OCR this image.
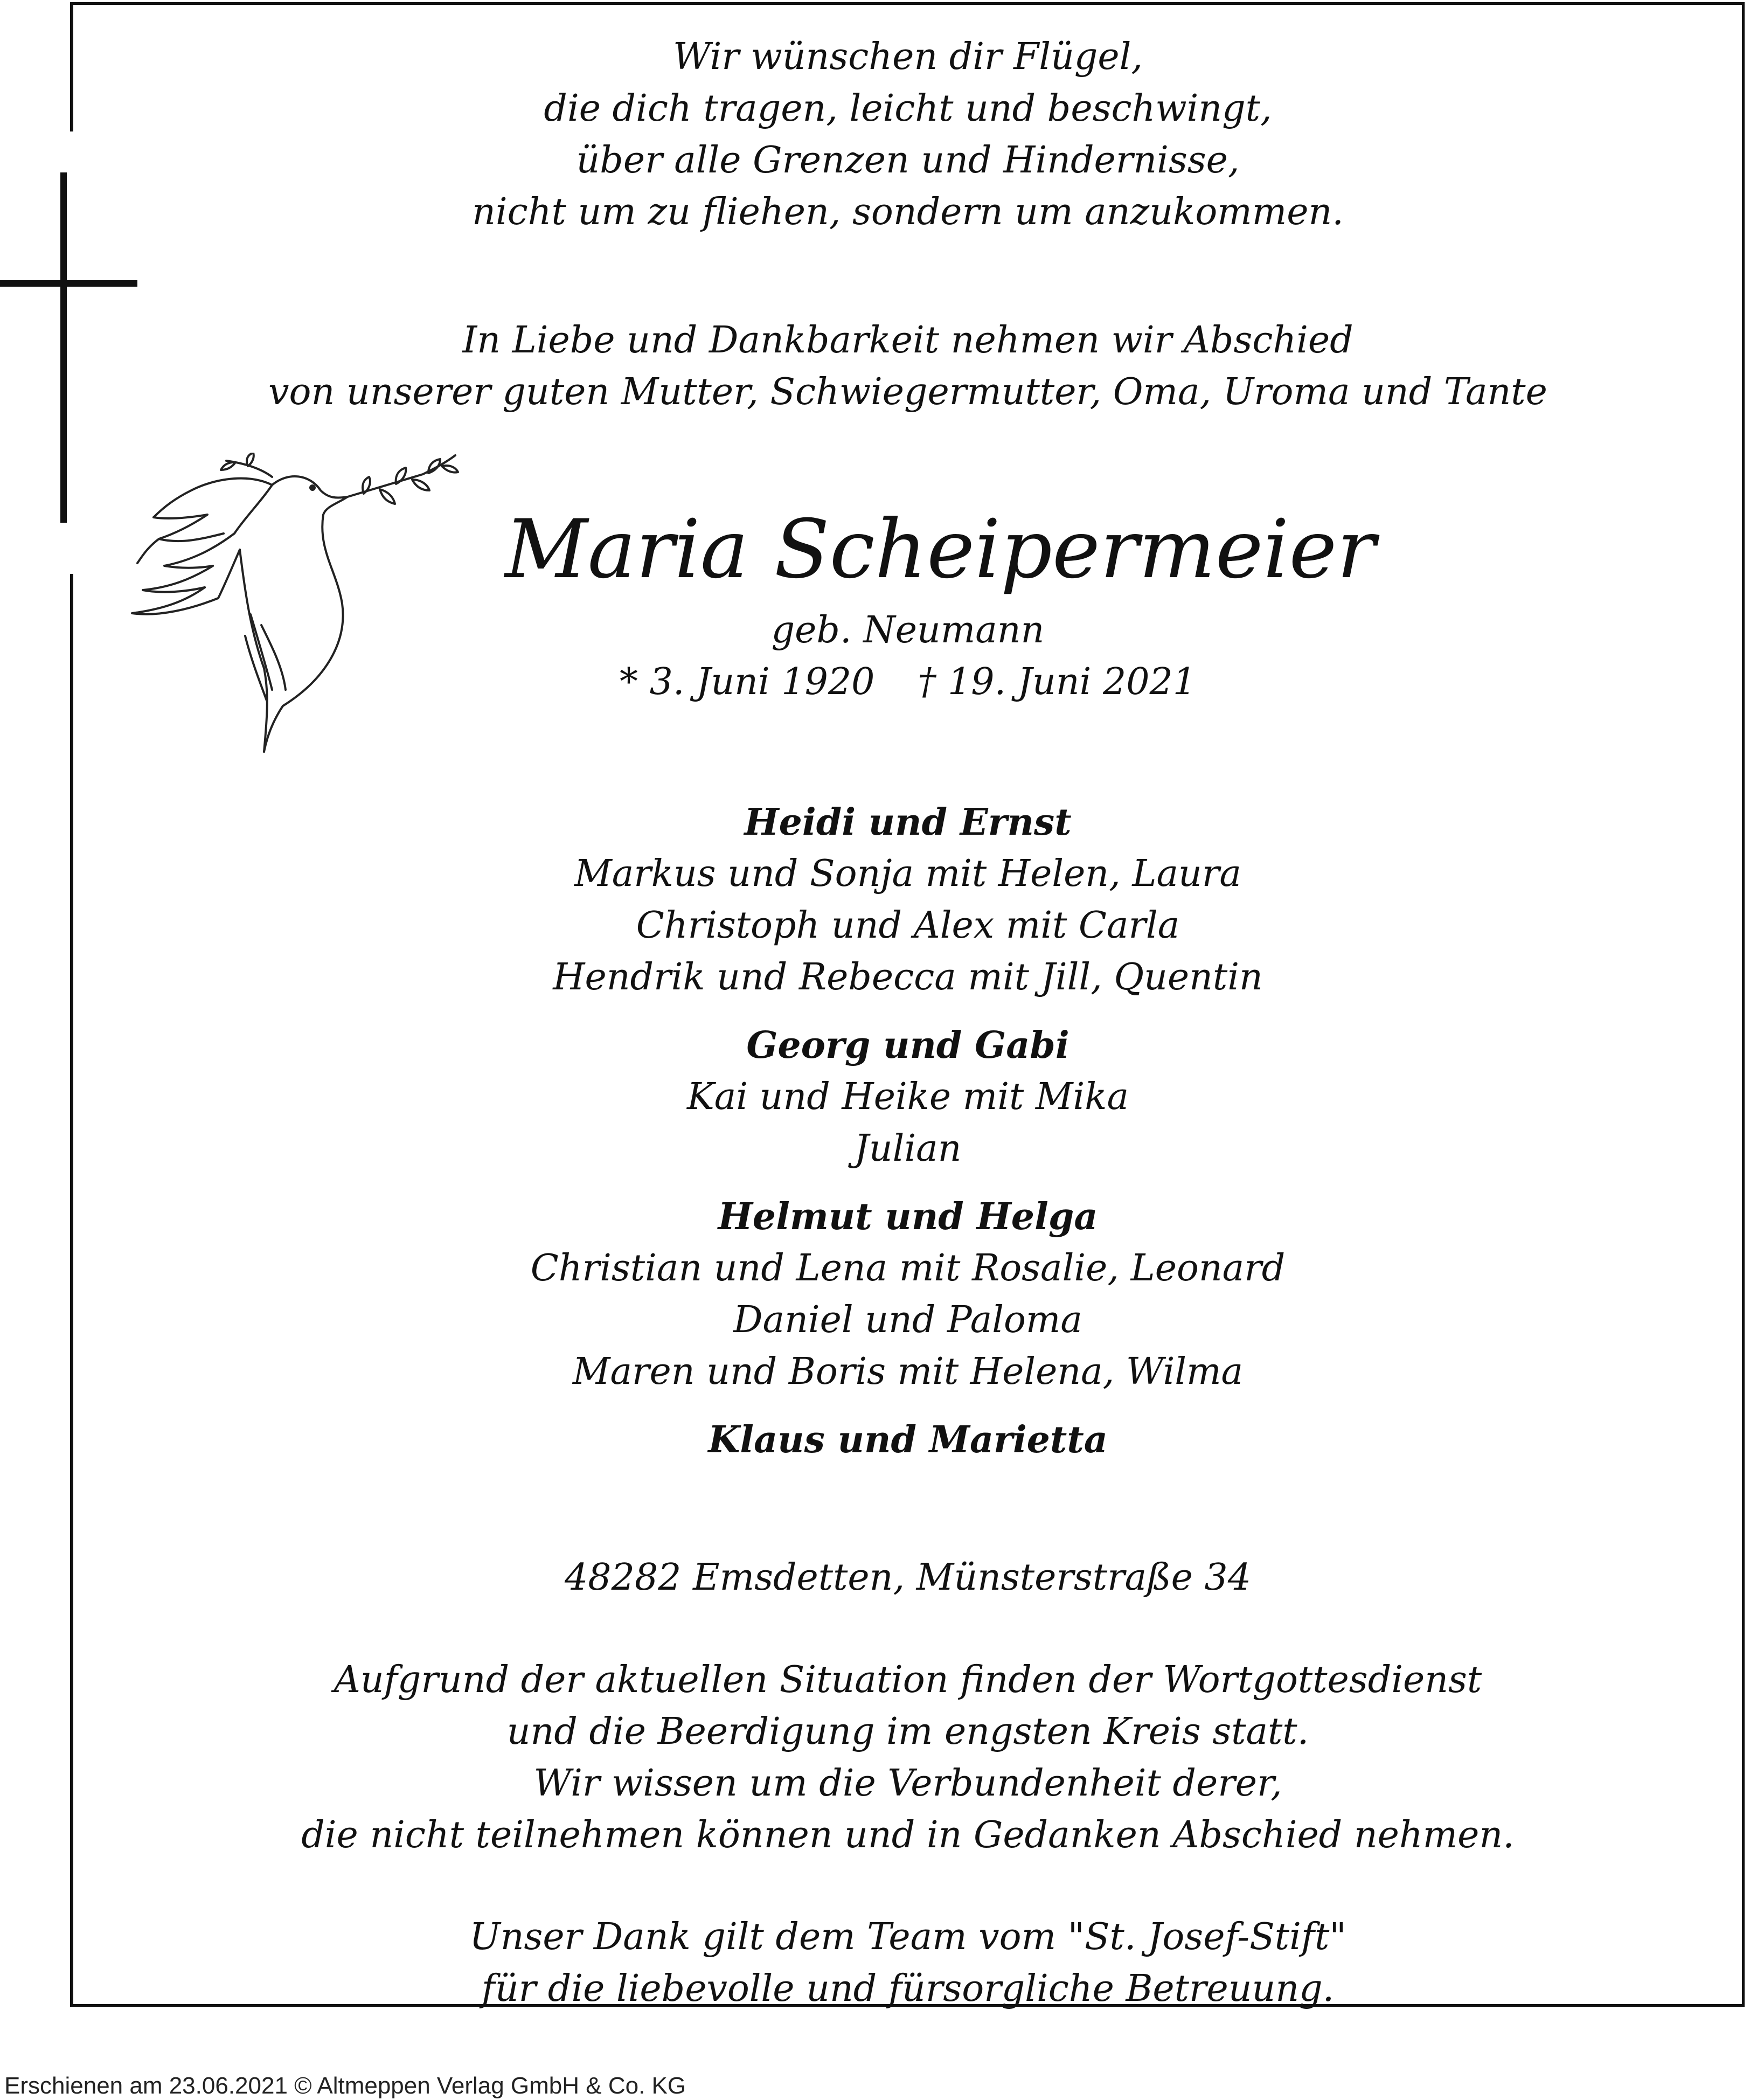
Wir wünschen dir Flügel,
die dich tragen, leicht und beschwingt,
über alle Grenzen und Hindernisse,
nicht um zu fliehen, sondern um anzukommen.
In Liebe und Dankbarkeit nehmen wir Abschied
von unserer guten Mutter, Schwiegermutter, Oma, Uroma und Tante
Maria Scheipermeier
geb. Neumann
* 3. Juni 1920 † 19. Juni 2021
Heidi und Ernst
Markus und Sonja mit Helen, Laura
Christoph und Alex mit Carla
Hendrik und Rebecca mit Jill, Quentin
Georg und Gabi
Kai und Heike mit Mika
Julian
Helmut und Helga
Christian und Lena mit Rosalie, Leonard
Daniel und Paloma
Maren und Boris mit Helena, Wilma
Klaus und Marietta
48282 Emsdetten, Münsterstraße 34
Aufgrund der aktuellen Situation finden der Wortgottesdienst
und die Beerdigung im engsten Kreis statt.
Wir wissen um die Verbundenheit derer,
die nicht teilnehmen können und in Gedanken Abschied nehmen.
Unser Dank gilt dem Team vom "St. Josef-Stift"
für die liebevolle und fürsorgliche Betreuung.
Erschienen am 23.06.2021 © Altmeppen Verlag GmbH & Co. KG
